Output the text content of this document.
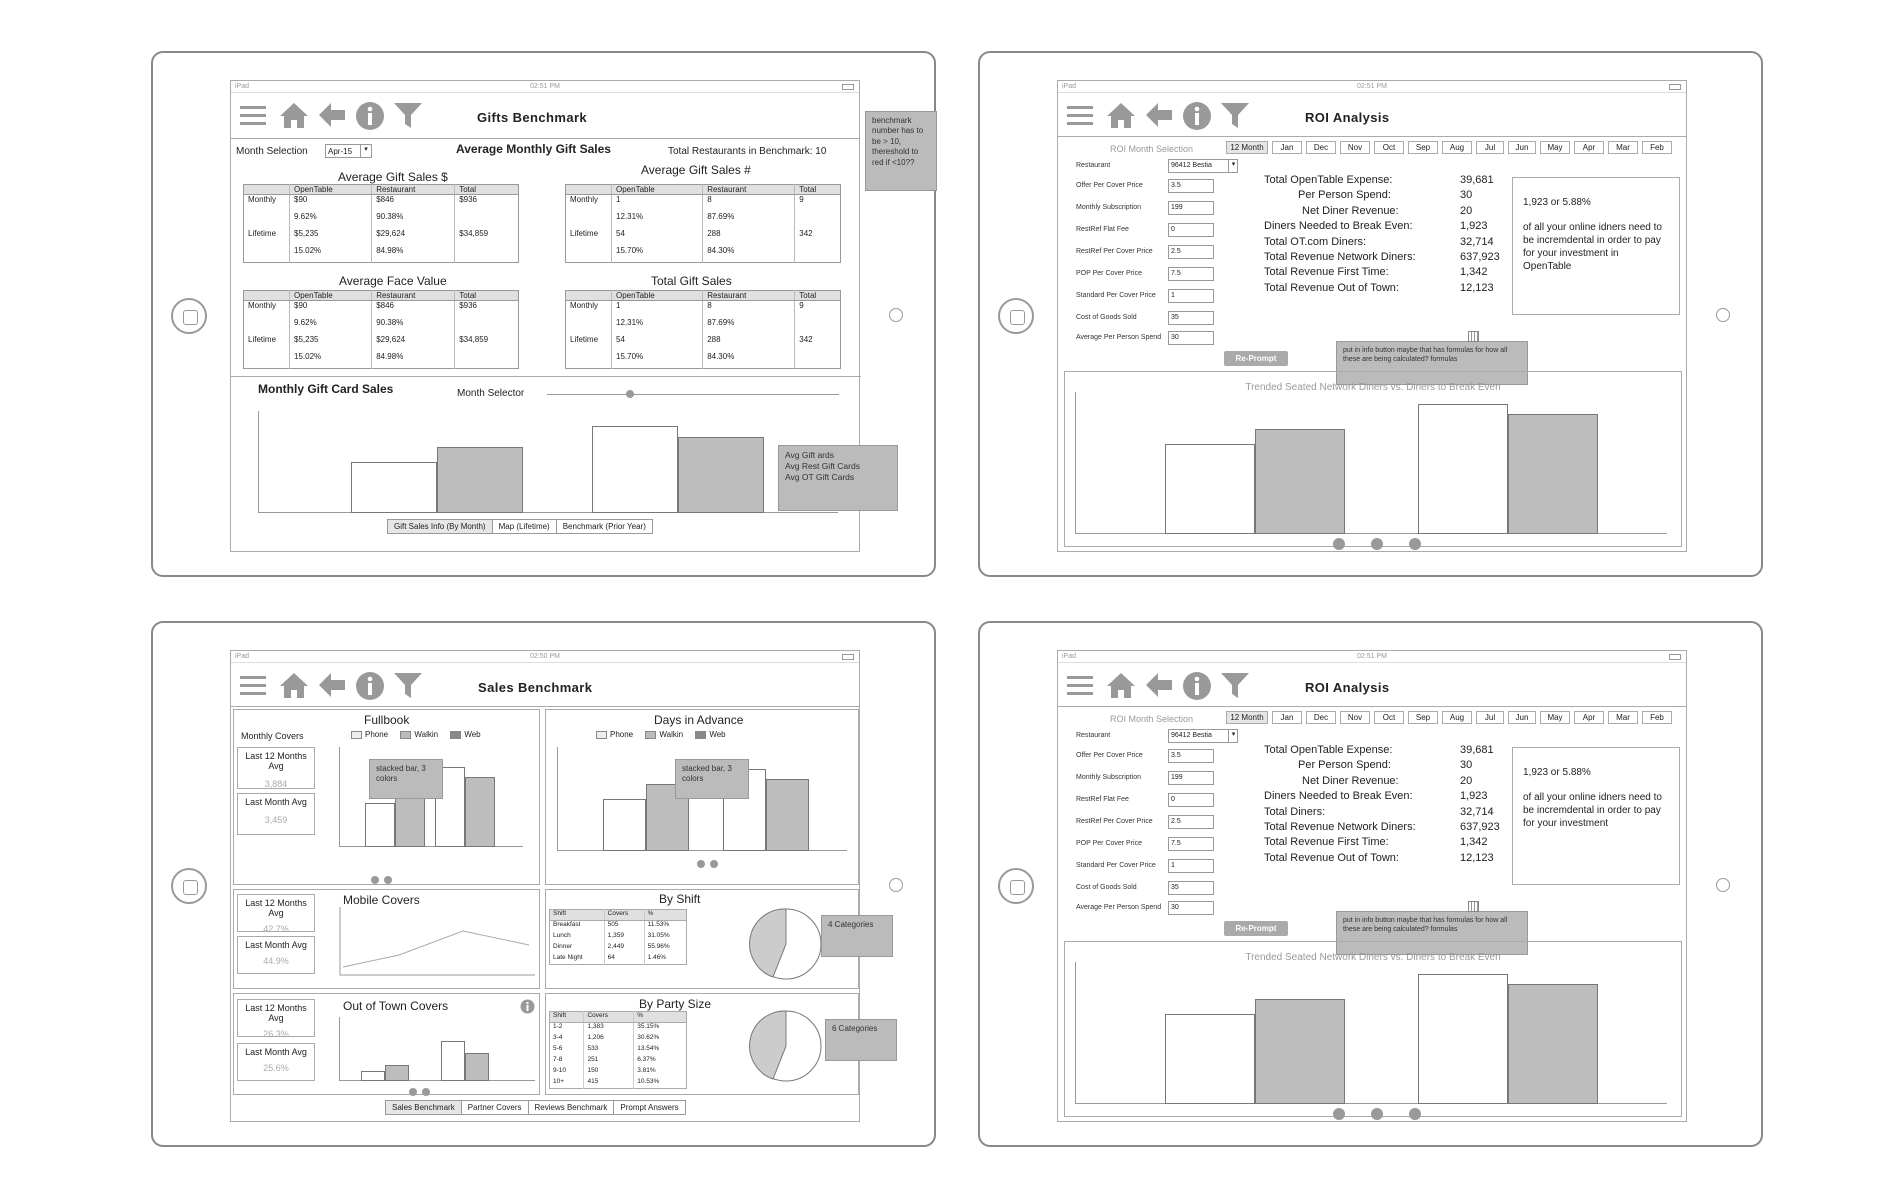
iPad	02:51 PM
Gifts Benchmark
Month Selection	Apr-15	▾	Average Monthly Gift Sales	Total Restaurants in Benchmark: 10
Average Gift Sales $
	OpenTable	Restaurant	Total
Monthly	$90	$846	$936
	9.62%	90.38%	
Lifetime	$5,235	$29,624	$34,859
	15.02%	84.98%	
Average Gift Sales #
	OpenTable	Restaurant	Total
Monthly	1	8	9
	12.31%	87.69%	
Lifetime	54	288	342
	15.70%	84.30%	
Average Face Value
	OpenTable	Restaurant	Total
Monthly	$90	$846	$936
	9.62%	90.38%	
Lifetime	$5,235	$29,624	$34,859
	15.02%	84.98%	
Total Gift Sales
	OpenTable	Restaurant	Total
Monthly	1	8	9
	12.31%	87.69%	
Lifetime	54	288	342
	15.70%	84.30%	
Monthly Gift Card Sales	Month Selector
Avg Gift ards
Avg Rest Gift Cards
Avg OT Gift Cards
Gift Sales Info (By Month)	Map (Lifetime)	Benchmark (Prior Year)
benchmark number has to be > 10, thereshold to red if <10??
iPad	02:51 PM
ROI Analysis
ROI Month Selection	12 Month	Jan	Dec	Nov	Oct	Sep	Aug	Jul	Jun	May	Apr	Mar	Feb
Restaurant	96412 Bestia	▾
Offer Per Cover Price	3.5
Monthly Subscription	199
RestRef Flat Fee	0
RestRef Per Cover Price	2.5
POP Per Cover Price	7.5
Standard Per Cover Price	1
Cost of Goods Sold	35
Average Per Person Spend	30
Re-Prompt
put in info button maybe that has formulas for how all these are being calculated? formulas
Total OpenTable Expense:	39,681
Per Person Spend:	30
Net Diner Revenue:	20
Diners Needed to Break Even:	1,923
Total OT.com Diners:	32,714
Total Revenue Network Diners:	637,923
Total Revenue First Time:	1,342
Total Revenue Out of Town:	12,123
1,923 or 5.88%
of all your online idners need to be incremdental in order to pay for your investment in OpenTable
Trended Seated Network Diners vs. Diners to Break Even
iPad	02:50 PM
Sales Benchmark
Fullbook
Monthly Covers	Phone	Walkin	Web
Last 12 Months Avg
3,884
Last Month Avg
3,459
stacked bar, 3 colors
Days in Advance
Phone	Walkin	Web
stacked bar, 3 colors
Last 12 Months Avg
42.7%
Last Month Avg
44.9%
Mobile Covers	By Shift
Shift	Covers	%
Breakfast	505	11.53%
Lunch	1,359	31.05%
Dinner	2,449	55.96%
Late Night	64	1.46%
4 Categories
Last 12 Months Avg
26.3%
Last Month Avg
25.6%
Out of Town Covers	By Party Size
Shift	Covers	%
1-2	1,383	35.15%
3-4	1,206	30.62%
5-6	533	13.54%
7-8	251	6.37%
9-10	150	3.81%
10+	415	10.53%
6 Categories
Sales Benchmark	Partner Covers	Reviews Benchmark	Prompt Answers
iPad	02:51 PM
ROI Analysis
ROI Month Selection	12 Month	Jan	Dec	Nov	Oct	Sep	Aug	Jul	Jun	May	Apr	Mar	Feb
Restaurant	96412 Bestia	▾
Offer Per Cover Price	3.5
Monthly Subscription	199
RestRef Flat Fee	0
RestRef Per Cover Price	2.5
POP Per Cover Price	7.5
Standard Per Cover Price	1
Cost of Goods Sold	35
Average Per Person Spend	30
Re-Prompt
put in info button maybe that has formulas for how all these are being calculated? formulas
Total OpenTable Expense:	39,681
Per Person Spend:	30
Net Diner Revenue:	20
Diners Needed to Break Even:	1,923
Total Diners:	32,714
Total Revenue Network Diners:	637,923
Total Revenue First Time:	1,342
Total Revenue Out of Town:	12,123
1,923 or 5.88%
of all your online idners need to be incremdental in order to pay for your investment
Trended Seated Network Diners vs. Diners to Break Even
